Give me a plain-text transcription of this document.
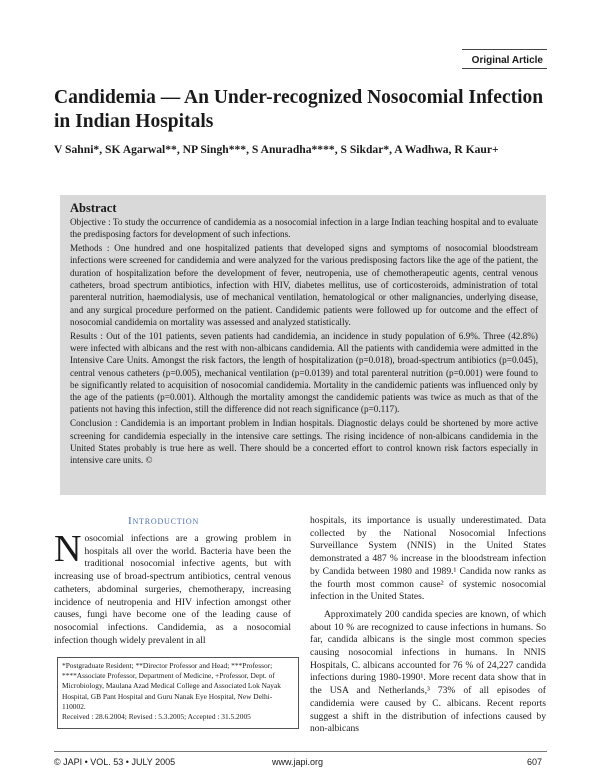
Original Article
Candidemia — An Under-recognized Nosocomial Infection in Indian Hospitals
V Sahni*, SK Agarwal**, NP Singh***, S Anuradha****, S Sikdar*, A Wadhwa, R Kaur+
Abstract

Objective : To study the occurrence of candidemia as a nosocomial infection in a large Indian teaching hospital and to evaluate the predisposing factors for development of such infections.

Methods : One hundred and one hospitalized patients that developed signs and symptoms of nosocomial bloodstream infections were screened for candidemia and were analyzed for the various predisposing factors like the age of the patient, the duration of hospitalization before the development of fever, neutropenia, use of chemotherapeutic agents, central venous catheters, broad spectrum antibiotics, infection with HIV, diabetes mellitus, use of corticosteroids, administration of total parenteral nutrition, haemodialysis, use of mechanical ventilation, hematological or other malignancies, underlying disease, and any surgical procedure performed on the patient. Candidemic patients were followed up for outcome and the effect of nosocomial candidemia on mortality was assessed and analyzed statistically.

Results : Out of the 101 patients, seven patients had candidemia, an incidence in study population of 6.9%. Three (42.8%) were infected with albicans and the rest with non-albicans candidemia. All the patients with candidemia were admitted in the Intensive Care Units. Amongst the risk factors, the length of hospitalization (p=0.018), broad-spectrum antibiotics (p=0.045), central venous catheters (p=0.005), mechanical ventilation (p=0.0139) and total parenteral nutrition (p=0.001) were found to be significantly related to acquisition of nosocomial candidemia. Mortality in the candidemic patients was influenced only by the age of the patients (p=0.001). Although the mortality amongst the candidemic patients was twice as much as that of the patients not having this infection, still the difference did not reach significance (p=0.117).

Conclusion : Candidemia is an important problem in Indian hospitals. Diagnostic delays could be shortened by more active screening for candidemia especially in the intensive care settings. The rising incidence of non-albicans candidemia in the United States probably is true here as well. There should be a concerted effort to control known risk factors especially in intensive care units. ©

Introduction

Nosocomial infections are a growing problem in hospitals all over the world. Bacteria have been the traditional nosocomial infective agents, but with increasing use of broad-spectrum antibiotics, central venous catheters, abdominal surgeries, chemotherapy, increasing incidence of neutropenia and HIV infection amongst other causes, fungi have become one of the leading cause of nosocomial infections. Candidemia, as a nosocomial infection though widely prevalent in all

hospitals, its importance is usually underestimated. Data collected by the National Nosocomial Infections Surveillance System (NNIS) in the United States demonstrated a 487 % increase in the bloodstream infection by Candida between 1980 and 1989.¹ Candida now ranks as the fourth most common cause² of systemic nosocomial infection in the United States.

Approximately 200 candida species are known, of which about 10 % are recognized to cause infections in humans. So far, candida albicans is the single most common species causing nosocomial infections in humans. In NNIS Hospitals, C. albicans accounted for 76 % of 24,227 candida infections during 1980-1990¹. More recent data show that in the USA and Netherlands,³ 73% of all episodes of candidemia were caused by C. albicans. Recent reports suggest a shift in the distribution of infections caused by non-albicans

*Postgraduate Resident; **Director Professor and Head; ***Professor; ****Associate Professor, Department of Medicine, +Professor, Dept. of Microbiology, Maulana Azad Medical College and Associated Lok Nayak Hospital, GB Pant Hospital and Guru Nanak Eye Hospital, New Delhi-110002.
Received : 28.6.2004; Revised : 5.3.2005; Accepted : 31.5.2005
© JAPI • VOL. 53 • JULY 2005	www.japi.org	607
